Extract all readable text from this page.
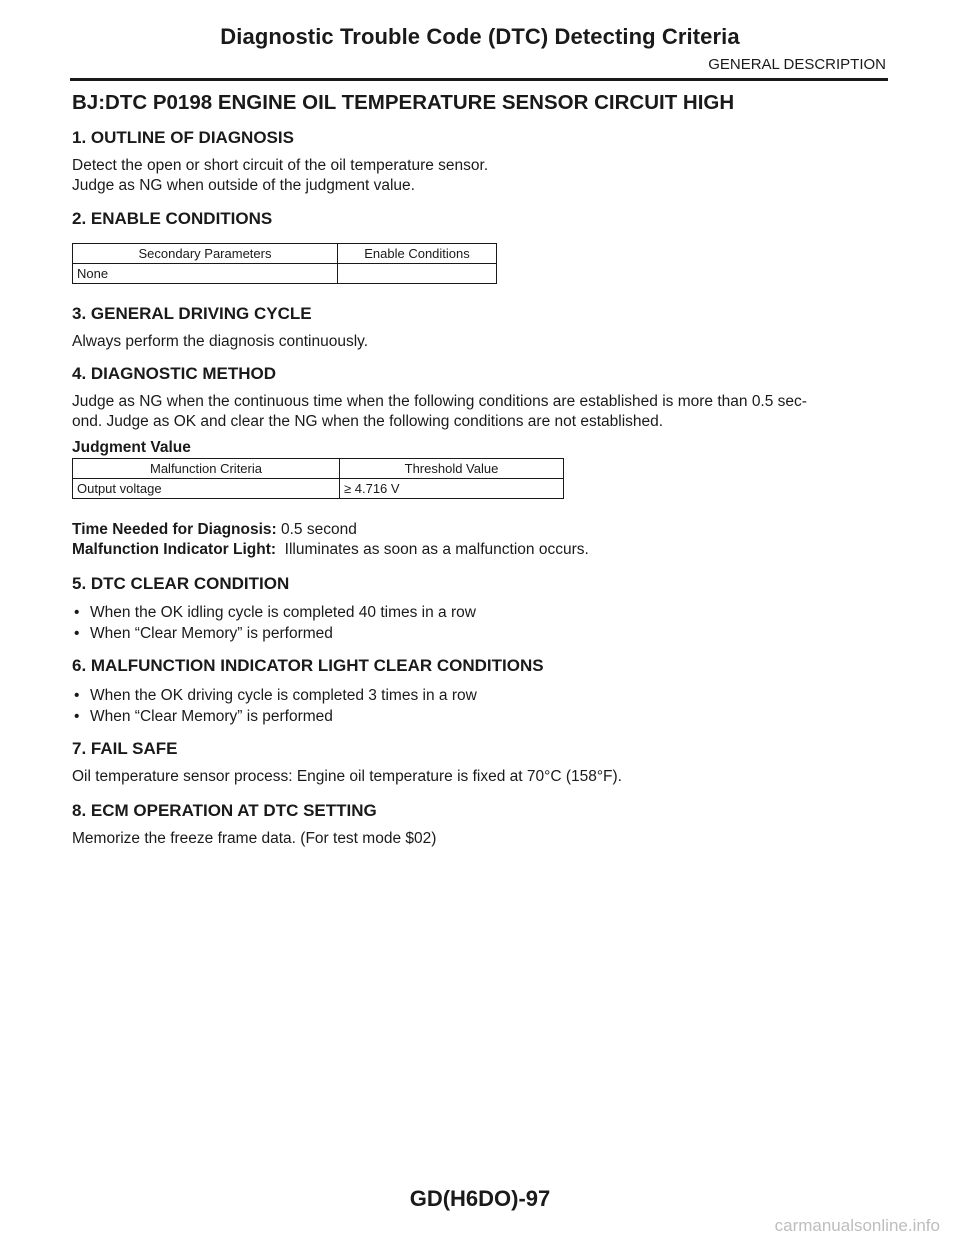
Diagnostic Trouble Code (DTC) Detecting Criteria
GENERAL DESCRIPTION
BJ:DTC P0198 ENGINE OIL TEMPERATURE SENSOR CIRCUIT HIGH
1. OUTLINE OF DIAGNOSIS

Detect the open or short circuit of the oil temperature sensor.

Judge as NG when outside of the judgment value.

2. ENABLE CONDITIONS
Secondary Parameters	Enable Conditions
None	
3. GENERAL DRIVING CYCLE

Always perform the diagnosis continuously.

4. DIAGNOSTIC METHOD

Judge as NG when the continuous time when the following conditions are established is more than 0.5 sec-

ond. Judge as OK and clear the NG when the following conditions are not established.

Judgment Value

Malfunction Criteria	Threshold Value
Output voltage	≥ 4.716 V

Time Needed for Diagnosis: 0.5 second

Malfunction Indicator Light:  Illuminates as soon as a malfunction occurs.

5. DTC CLEAR CONDITION
• When the OK idling cycle is completed 40 times in a row
• When “Clear Memory” is performed
6. MALFUNCTION INDICATOR LIGHT CLEAR CONDITIONS
• When the OK driving cycle is completed 3 times in a row
• When “Clear Memory” is performed
7. FAIL SAFE

Oil temperature sensor process: Engine oil temperature is fixed at 70°C (158°F).

8. ECM OPERATION AT DTC SETTING

Memorize the freeze frame data. (For test mode $02)

GD(H6DO)-97
carmanualsonline.info
